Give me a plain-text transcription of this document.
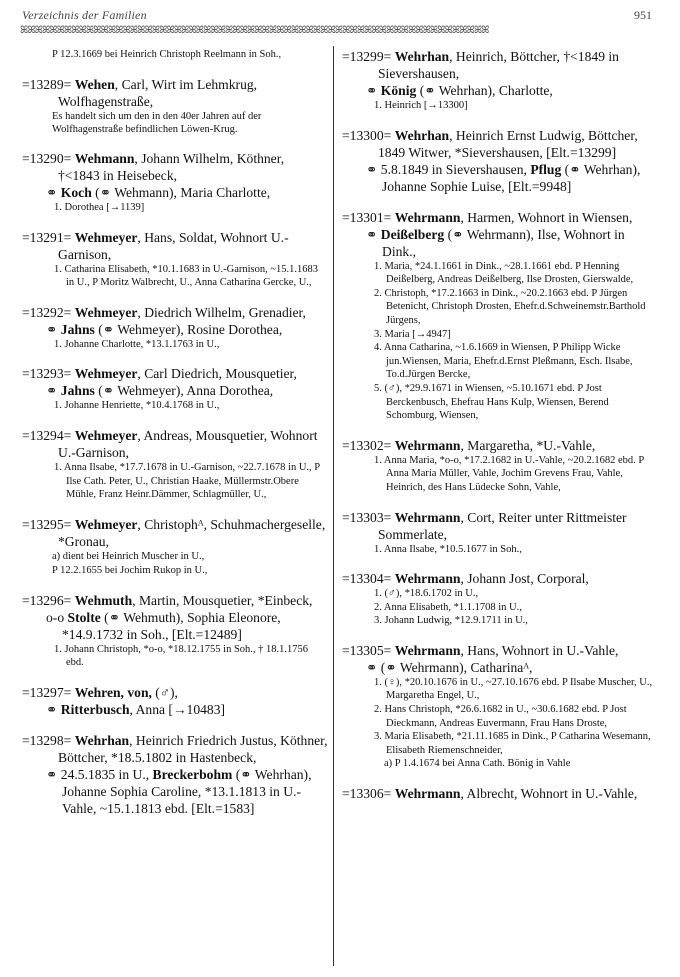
Verzeichnis der Familien	951
ꕤꕤꕤꕤꕤꕤꕤꕤꕤꕤꕤꕤꕤꕤꕤꕤꕤꕤꕤꕤꕤꕤꕤꕤꕤꕤꕤꕤꕤꕤꕤꕤꕤꕤꕤꕤꕤꕤꕤꕤꕤꕤꕤꕤꕤꕤꕤꕤꕤꕤꕤꕤꕤꕤꕤꕤꕤꕤꕤꕤꕤꕤꕤꕤ
P 12.3.1669 bei Heinrich Christoph Reelmann in Soh.,
=13289= Wehen, Carl, Wirt im Lehmkrug, Wolfhagenstraße,
Es handelt sich um den in den 40er Jahren auf der Wolfhagenstraße befindlichen Löwen-Krug.
=13290= Wehmann, Johann Wilhelm, Köthner, †<1843 in Heisebeck,
⚭ Koch (⚭ Wehmann), Maria Charlotte,
1. Dorothea [→1139]
=13291= Wehmeyer, Hans, Soldat, Wohnort U.-Garnison,
1. Catharina Elisabeth, *10.1.1683 in U.-Garnison, ~15.1.1683 in U., P Moritz Walbrecht, U., Anna Catharina Gercke, U.,
=13292= Wehmeyer, Diedrich Wilhelm, Grenadier,
⚭ Jahns (⚭ Wehmeyer), Rosine Dorothea,
1. Johanne Charlotte, *13.1.1763 in U.,
=13293= Wehmeyer, Carl Diedrich, Mousquetier,
⚭ Jahns (⚭ Wehmeyer), Anna Dorothea,
1. Johanne Henriette, *10.4.1768 in U.,
=13294= Wehmeyer, Andreas, Mousquetier, Wohnort U.-Garnison,
1. Anna Ilsabe, *17.7.1678 in U.-Garnison, ~22.7.1678 in U., P Ilse Cath. Peter, U., Christian Haake, Müllermstr.Obere Mühle, Franz Heinr.Dämmer, Schlagmüller, U.,
=13295= Wehmeyer, Christophᴬ, Schuhmachergeselle, *Gronau,
a) dient bei Heinrich Muscher in U.,
P 12.2.1655 bei Jochim Rukop in U.,
=13296= Wehmuth, Martin, Mousquetier, *Einbeck,
o-o Stolte (⚭ Wehmuth), Sophia Eleonore, *14.9.1732 in Soh., [Elt.=12489]
1. Johann Christoph, *o-o, *18.12.1755 in Soh., † 18.1.1756 ebd.
=13297= Wehren, von, (♂),
⚭ Ritterbusch, Anna [→10483]
=13298= Wehrhan, Heinrich Friedrich Justus, Köthner, Böttcher, *18.5.1802 in Hastenbeck,
⚭ 24.5.1835 in U., Breckerbohm (⚭ Wehrhan), Johanne Sophia Caroline, *13.1.1813 in U.-Vahle, ~15.1.1813 ebd. [Elt.=1583]
=13299= Wehrhan, Heinrich, Böttcher, †<1849 in Sievershausen,
⚭ König (⚭ Wehrhan), Charlotte,
1. Heinrich [→13300]
=13300= Wehrhan, Heinrich Ernst Ludwig, Böttcher, 1849 Witwer, *Sievershausen, [Elt.=13299]
⚭ 5.8.1849 in Sievershausen, Pflug (⚭ Wehrhan), Johanne Sophie Luise, [Elt.=9948]
=13301= Wehrmann, Harmen, Wohnort in Wiensen,
⚭ Deißelberg (⚭ Wehrmann), Ilse, Wohnort in Dink.,
1. Maria, *24.1.1661 in Dink., ~28.1.1661 ebd. P Henning Deißelberg, Andreas Deißelberg, Ilse Drosten, Gierswalde,
2. Christoph, *17.2.1663 in Dink., ~20.2.1663 ebd. P Jürgen Betenicht, Christoph Drosten, Ehefr.d.Schweinemstr.Barthold Jürgens,
3. Maria [→4947]
4. Anna Catharina, ~1.6.1669 in Wiensen, P Philipp Wicke jun.Wiensen, Maria, Ehefr.d.Ernst Pleßmann, Esch. Ilsabe, To.d.Jürgen Bercke,
5. (♂), *29.9.1671 in Wiensen, ~5.10.1671 ebd. P Jost Berckenbusch, Ehefrau Hans Kulp, Wiensen, Berend Schomburg, Wiensen,
=13302= Wehrmann, Margaretha, *U.-Vahle,
1. Anna Maria, *o-o, *17.2.1682 in U.-Vahle, ~20.2.1682 ebd. P Anna Maria Müller, Vahle, Jochim Grevens Frau, Vahle, Heinrich, des Hans Lüdecke Sohn, Vahle,
=13303= Wehrmann, Cort, Reiter unter Rittmeister Sommerlate,
1. Anna Ilsabe, *10.5.1677 in Soh.,
=13304= Wehrmann, Johann Jost, Corporal,
1. (♂), *18.6.1702 in U.,
2. Anna Elisabeth, *1.1.1708 in U.,
3. Johann Ludwig, *12.9.1711 in U.,
=13305= Wehrmann, Hans, Wohnort in U.-Vahle,
⚭ (⚭ Wehrmann), Catharinaᴬ,
1. (♀), *20.10.1676 in U., ~27.10.1676 ebd. P Ilsabe Muscher, U., Margaretha Engel, U.,
2. Hans Christoph, *26.6.1682 in U., ~30.6.1682 ebd. P Jost Dieckmann, Andreas Euvermann, Frau Hans Droste,
3. Maria Elisabeth, *21.11.1685 in Dink., P Catharina Wesemann, Elisabeth Riemenschneider,
a) P 1.4.1674 bei Anna Cath. Bönig in Vahle
=13306= Wehrmann, Albrecht, Wohnort in U.-Vahle,
